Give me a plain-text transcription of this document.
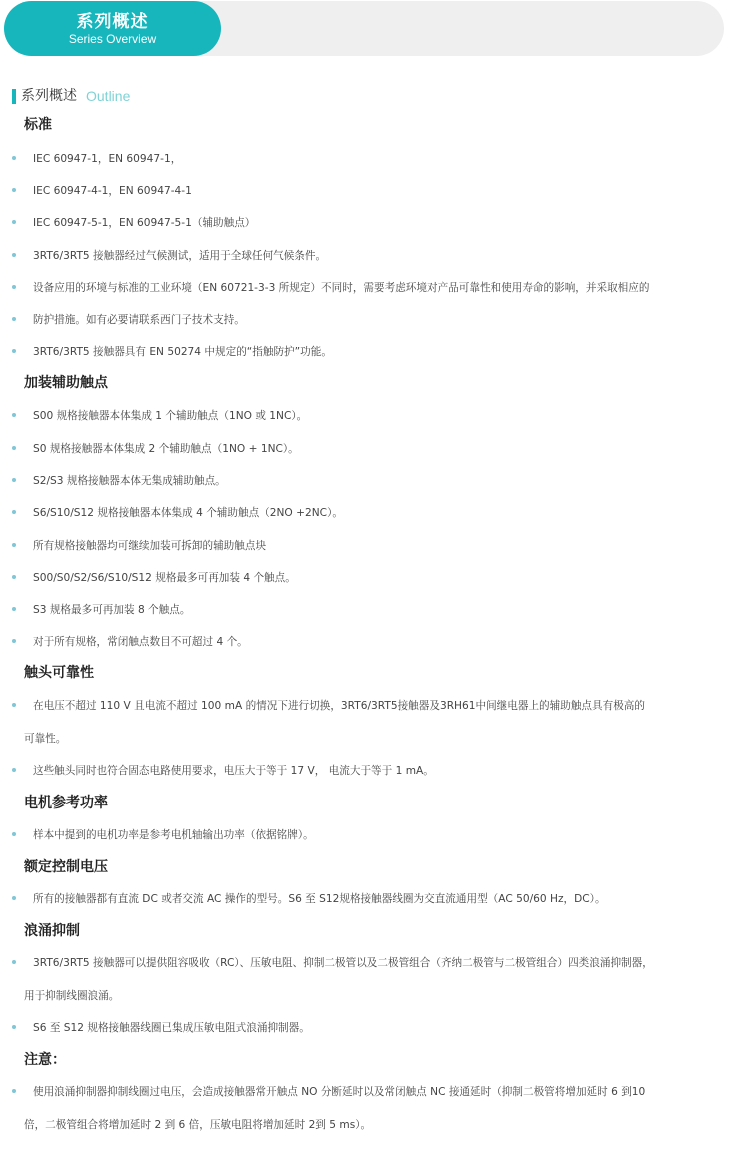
系列概述
Series Overview
系列概述 Outline
标准
IEC 60947-1，EN 60947-1，
IEC 60947-4-1，EN 60947-4-1
IEC 60947-5-1，EN 60947-5-1（辅助触点）
3RT6/3RT5 接触器经过气候测试，适用于全球任何气候条件。
设备应用的环境与标准的工业环境（EN 60721-3-3 所规定）不同时，需要考虑环境对产品可靠性和使用寿命的影响，并采取相应的
防护措施。如有必要请联系西门子技术支持。
3RT6/3RT5 接触器具有 EN 50274 中规定的“指触防护”功能。
加装辅助触点
S00 规格接触器本体集成 1 个辅助触点（1NO 或 1NC）。
S0 规格接触器本体集成 2 个辅助触点（1NO + 1NC）。
S2/S3 规格接触器本体无集成辅助触点。
S6/S10/S12 规格接触器本体集成 4 个辅助触点（2NO +2NC）。
所有规格接触器均可继续加装可拆卸的辅助触点块
S00/S0/S2/S6/S10/S12 规格最多可再加装 4 个触点。
S3 规格最多可再加装 8 个触点。
对于所有规格，常闭触点数目不可超过 4 个。
触头可靠性
在电压不超过 110 V 且电流不超过 100 mA 的情况下进行切换，3RT6/3RT5接触器及3RH61中间继电器上的辅助触点具有极高的
可靠性。
这些触头同时也符合固态电路使用要求，电压大于等于 17 V， 电流大于等于 1 mA。
电机参考功率
样本中提到的电机功率是参考电机轴输出功率（依据铭牌）。
额定控制电压
所有的接触器都有直流 DC 或者交流 AC 操作的型号。S6 至 S12规格接触器线圈为交直流通用型（AC 50/60 Hz，DC）。
浪涌抑制
3RT6/3RT5 接触器可以提供阻容吸收（RC）、压敏电阻、抑制二极管以及二极管组合（齐纳二极管与二极管组合）四类浪涌抑制器，
用于抑制线圈浪涌。
S6 至 S12 规格接触器线圈已集成压敏电阻式浪涌抑制器。
注意：
使用浪涌抑制器抑制线圈过电压，会造成接触器常开触点 NO 分断延时以及常闭触点 NC 接通延时（抑制二极管将增加延时 6 到10
倍，二极管组合将增加延时 2 到 6 倍，压敏电阻将增加延时 2到 5 ms）。
